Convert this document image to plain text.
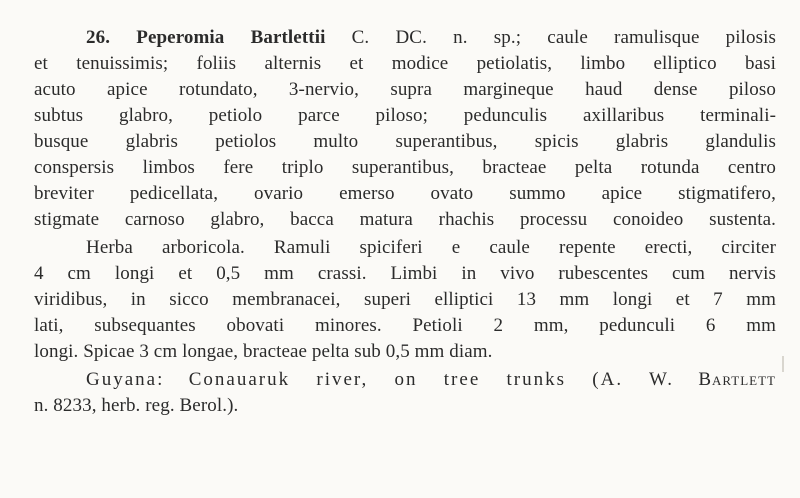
26. Peperomia Bartlettii C. DC. n. sp.; caule ramulisque pilosis
et tenuissimis; foliis alternis et modice petiolatis, limbo elliptico basi
acuto apice rotundato, 3-nervio, supra margineque haud dense piloso
subtus glabro, petiolo parce piloso; pedunculis axillaribus terminali-
busque glabris petiolos multo superantibus, spicis glabris glandulis
conspersis limbos fere triplo superantibus, bracteae pelta rotunda centro
breviter pedicellata, ovario emerso ovato summo apice stigmatifero,
stigmate carnoso glabro, bacca matura rhachis processu conoideo sustenta.
Herba arboricola. Ramuli spiciferi e caule repente erecti, circiter
4 cm longi et 0,5 mm crassi. Limbi in vivo rubescentes cum nervis
viridibus, in sicco membranacei, superi elliptici 13 mm longi et 7 mm
lati, subsequantes obovati minores. Petioli 2 mm, pedunculi 6 mm
longi. Spicae 3 cm longae, bracteae pelta sub 0,5 mm diam.
Guyana: Conauaruk river, on tree trunks (A. W. Bartlett
n. 8233, herb. reg. Berol.).
